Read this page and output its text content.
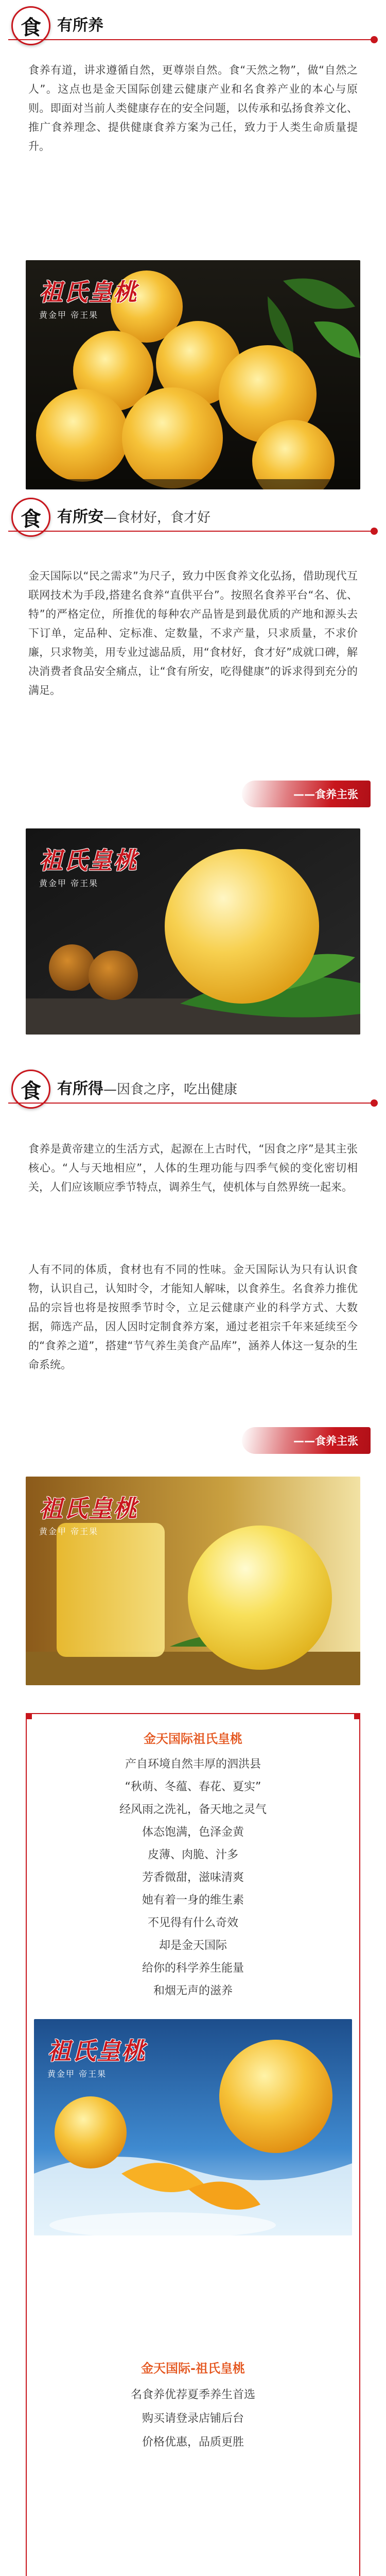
食 有所养

食养有道，讲求遵循自然，更尊崇自然。食“天然之物”，做“自然之人”。这点也是金天国际创建云健康产业和名食养产业的本心与原则。即面对当前人类健康存在的安全问题，以传承和弘扬食养文化、推广食养理念、提供健康食养方案为己任，致力于人类生命质量提升。

祖氏皇桃
黄金甲 帝王果
食 有所安—食材好，食才好

金天国际以“民之需求”为尺子，致力中医食养文化弘扬，借助现代互联网技术为手段,搭建名食养“直供平台”。按照名食养平台“名、优、特”的严格定位，所推优的每种农产品皆是到最优质的产地和源头去下订单，定品种、定标准、定数量，不求产量，只求质量，不求价廉，只求物美，用专业过滤品质，用“食材好，食才好”成就口碑，解决消费者食品安全痛点，让“食有所安，吃得健康”的诉求得到充分的满足。

——食养主张
祖氏皇桃
黄金甲 帝王果
食 有所得—因食之序，吃出健康

食养是黄帝建立的生活方式，起源在上古时代，“因食之序”是其主张核心。“人与天地相应”，人体的生理功能与四季气候的变化密切相关，人们应该顺应季节特点，调养生气，使机体与自然界统一起来。

人有不同的体质，食材也有不同的性味。金天国际认为只有认识食物，认识自己，认知时令，才能知人解味，以食养生。名食养力推优品的宗旨也将是按照季节时令，立足云健康产业的科学方式、大数据，筛选产品，因人因时定制食养方案，通过老祖宗千年来延续至今的“食养之道”，搭建“节气养生美食产品库”，涵养人体这一复杂的生命系统。

——食养主张
祖氏皇桃
黄金甲 帝王果
金天国际祖氏皇桃
产自环境自然丰厚的泗洪县
“秋萌、冬蕴、春花、夏实”
经风雨之洗礼，备天地之灵气
体态饱满，色泽金黄
皮薄、肉脆、汁多
芳香微甜，滋味清爽
她有着一身的维生素
不见得有什么奇效
却是金天国际
给你的科学养生能量
和烟无声的滋养
祖氏皇桃
黄金甲 帝王果
金天国际-祖氏皇桃
名食养优荐夏季养生首选
购买请登录店铺后台
价格优惠，品质更胜
